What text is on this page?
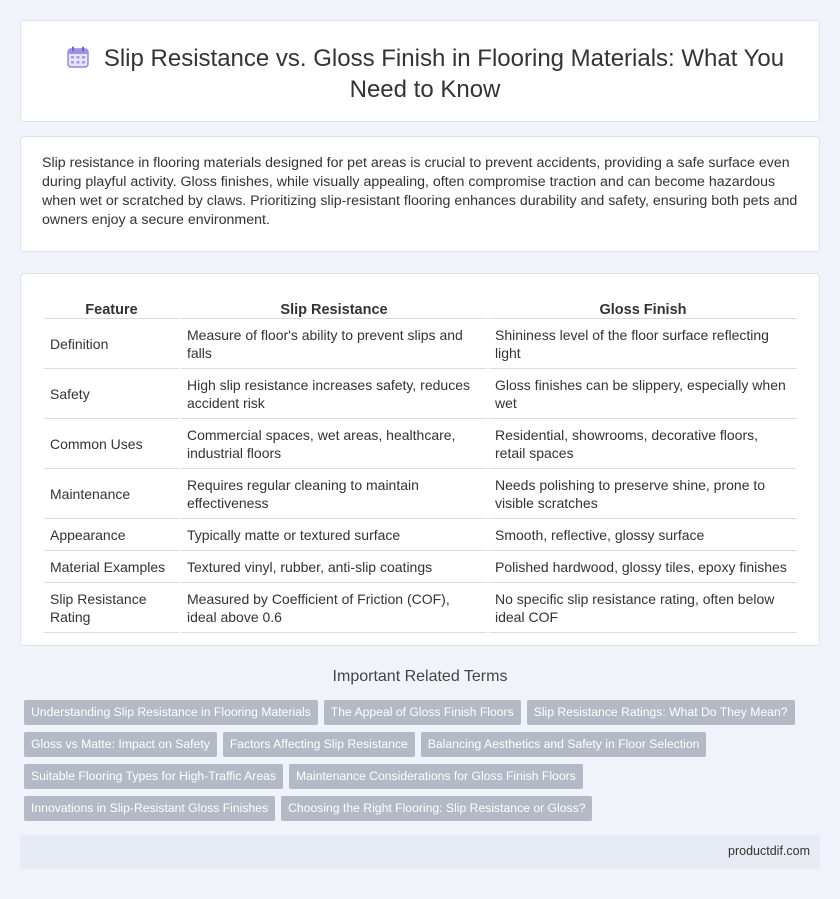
Slip Resistance vs. Gloss Finish in Flooring Materials: What You Need to Know

Slip resistance in flooring materials designed for pet areas is crucial to prevent accidents, providing a safe surface even during playful activity. Gloss finishes, while visually appealing, often compromise traction and can become hazardous when wet or scratched by claws. Prioritizing slip-resistant flooring enhances durability and safety, ensuring both pets and owners enjoy a secure environment.

Feature	Slip Resistance	Gloss Finish
Definition	Measure of floor's ability to prevent slips and falls	Shininess level of the floor surface reflecting light
Safety	High slip resistance increases safety, reduces accident risk	Gloss finishes can be slippery, especially when wet
Common Uses	Commercial spaces, wet areas, healthcare, industrial floors	Residential, showrooms, decorative floors, retail spaces
Maintenance	Requires regular cleaning to maintain effectiveness	Needs polishing to preserve shine, prone to visible scratches
Appearance	Typically matte or textured surface	Smooth, reflective, glossy surface
Material Examples	Textured vinyl, rubber, anti-slip coatings	Polished hardwood, glossy tiles, epoxy finishes
Slip Resistance Rating	Measured by Coefficient of Friction (COF), ideal above 0.6	No specific slip resistance rating, often below ideal COF
Important Related Terms
Understanding Slip Resistance in Flooring Materials The Appeal of Gloss Finish Floors Slip Resistance Ratings: What Do They Mean?
Gloss vs Matte: Impact on Safety Factors Affecting Slip Resistance Balancing Aesthetics and Safety in Floor Selection
Suitable Flooring Types for High-Traffic Areas Maintenance Considerations for Gloss Finish Floors
Innovations in Slip-Resistant Gloss Finishes Choosing the Right Flooring: Slip Resistance or Gloss?
productdif.com
